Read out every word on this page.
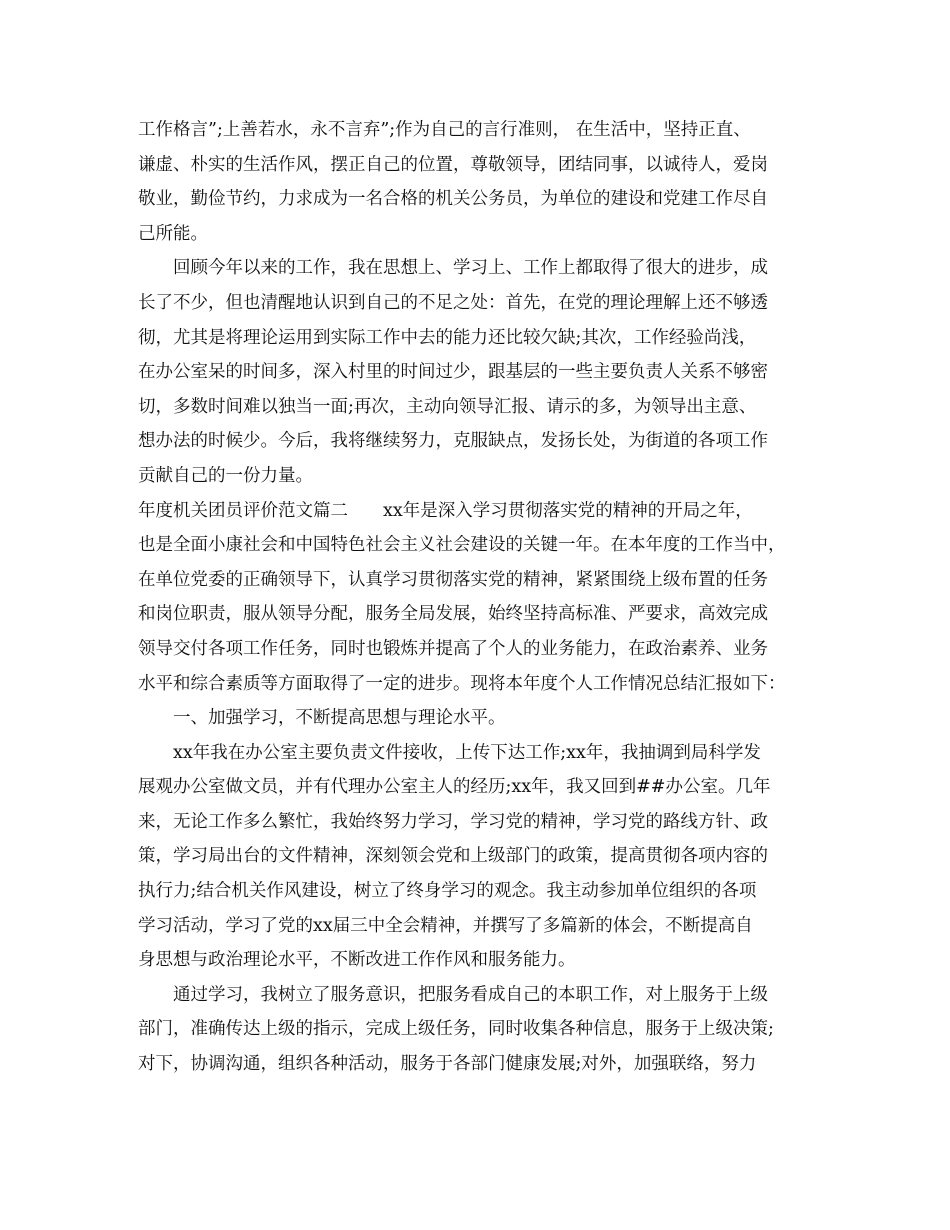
工作格言”;上善若水，永不言弃”;作为自己的言行准则， 在生活中，坚持正直、
谦虚、朴实的生活作风，摆正自己的位置，尊敬领导，团结同事，以诚待人，爱岗
敬业，勤俭节约，力求成为一名合格的机关公务员，为单位的建设和党建工作尽自
己所能。
回顾今年以来的工作，我在思想上、学习上、工作上都取得了很大的进步，成
长了不少，但也清醒地认识到自己的不足之处：首先，在党的理论理解上还不够透
彻，尤其是将理论运用到实际工作中去的能力还比较欠缺;其次，工作经验尚浅，
在办公室呆的时间多，深入村里的时间过少，跟基层的一些主要负责人关系不够密
切，多数时间难以独当一面;再次，主动向领导汇报、请示的多，为领导出主意、
想办法的时候少。今后，我将继续努力，克服缺点，发扬长处，为街道的各项工作
贡献自己的一份力量。
年度机关团员评价范文篇二　　xx年是深入学习贯彻落实党的精神的开局之年，
也是全面小康社会和中国特色社会主义社会建设的关键一年。在本年度的工作当中，
在单位党委的正确领导下，认真学习贯彻落实党的精神，紧紧围绕上级布置的任务
和岗位职责，服从领导分配，服务全局发展，始终坚持高标准、严要求，高效完成
领导交付各项工作任务，同时也锻炼并提高了个人的业务能力，在政治素养、业务
水平和综合素质等方面取得了一定的进步。现将本年度个人工作情况总结汇报如下：
一、加强学习，不断提高思想与理论水平。
xx年我在办公室主要负责文件接收，上传下达工作;xx年，我抽调到局科学发
展观办公室做文员，并有代理办公室主人的经历;xx年，我又回到##办公室。几年
来，无论工作多么繁忙，我始终努力学习，学习党的精神，学习党的路线方针、政
策，学习局出台的文件精神，深刻领会党和上级部门的政策，提高贯彻各项内容的
执行力;结合机关作风建设，树立了终身学习的观念。我主动参加单位组织的各项
学习活动，学习了党的xx届三中全会精神，并撰写了多篇新的体会，不断提高自
身思想与政治理论水平，不断改进工作作风和服务能力。
通过学习，我树立了服务意识，把服务看成自己的本职工作，对上服务于上级
部门，准确传达上级的指示，完成上级任务，同时收集各种信息，服务于上级决策;
对下，协调沟通，组织各种活动，服务于各部门健康发展;对外，加强联络，努力
